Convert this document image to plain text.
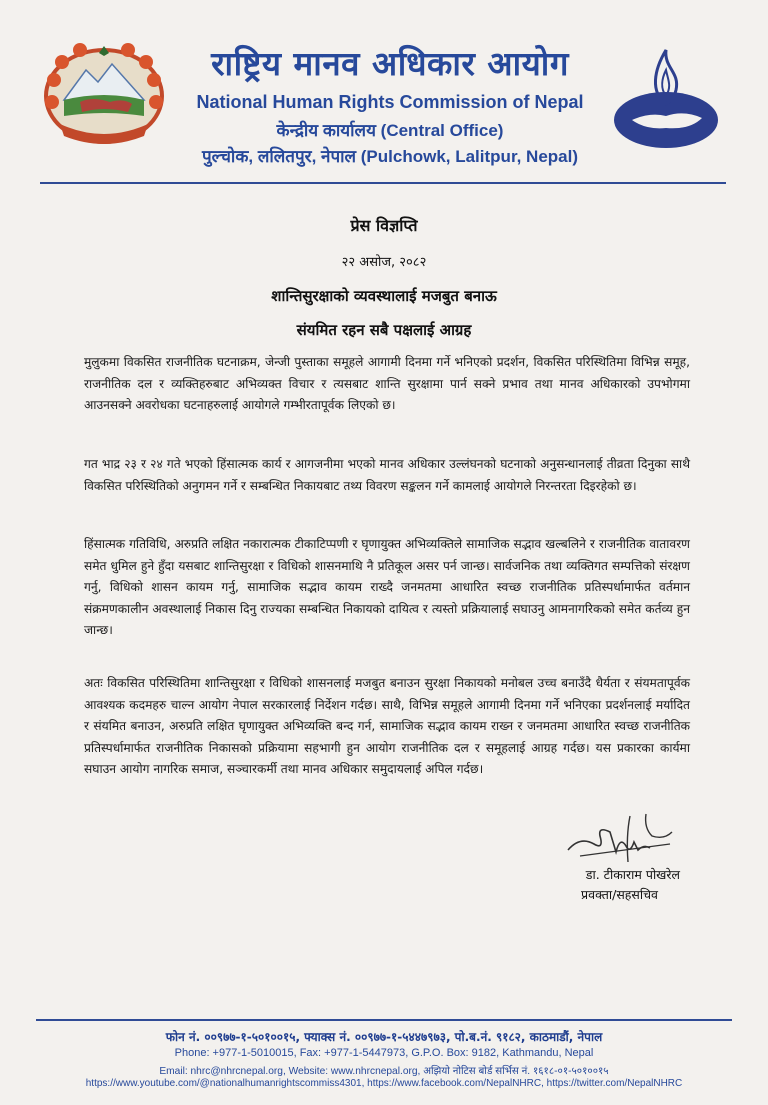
राष्ट्रिय मानव अधिकार आयोग
National Human Rights Commission of Nepal
केन्द्रीय कार्यालय (Central Office)
पुल्चोक, ललितपुर, नेपाल (Pulchowk, Lalitpur, Nepal)
प्रेस विज्ञप्ति
२२ असोज, २०८२
शान्तिसुरक्षाको व्यवस्थालाई मजबुत बनाऊ
संयमित रहन सबै पक्षलाई आग्रह
मुलुकमा विकसित राजनीतिक घटनाक्रम, जेन्जी पुस्ताका समूहले आगामी दिनमा गर्ने भनिएको प्रदर्शन, विकसित परिस्थितिमा विभिन्न समूह, राजनीतिक दल र व्यक्तिहरुबाट अभिव्यक्त विचार र त्यसबाट शान्ति सुरक्षामा पार्न सक्ने प्रभाव तथा मानव अधिकारको उपभोगमा आउनसक्ने अवरोधका घटनाहरुलाई आयोगले गम्भीरतापूर्वक लिएको छ।
गत भाद्र २३ र २४ गते भएको हिंसात्मक कार्य र आगजनीमा भएको मानव अधिकार उल्लंघनको घटनाको अनुसन्धानलाई तीव्रता दिनुका साथै विकसित परिस्थितिको अनुगमन गर्ने र सम्बन्धित निकायबाट तथ्य विवरण सङ्कलन गर्ने कामलाई आयोगले निरन्तरता दिइरहेको छ।
हिंसात्मक गतिविधि, अरुप्रति लक्षित नकारात्मक टीकाटिप्पणी र घृणायुक्त अभिव्यक्तिले सामाजिक सद्भाव खल्बलिने र राजनीतिक वातावरण समेत धुमिल हुने हुँदा यसबाट शान्तिसुरक्षा र विधिको शासनमाथि नै प्रतिकूल असर पर्न जान्छ। सार्वजनिक तथा व्यक्तिगत सम्पत्तिको संरक्षण गर्नु, विधिको शासन कायम गर्नु, सामाजिक सद्भाव कायम राख्दै जनमतमा आधारित स्वच्छ राजनीतिक प्रतिस्पर्धामार्फत वर्तमान संक्रमणकालीन अवस्थालाई निकास दिनु राज्यका सम्बन्धित निकायको दायित्व र त्यस्तो प्रक्रियालाई सघाउनु आमनागरिकको समेत कर्तव्य हुन जान्छ।
अतः विकसित परिस्थितिमा शान्तिसुरक्षा र विधिको शासनलाई मजबुत बनाउन सुरक्षा निकायको मनोबल उच्च बनाउँदै धैर्यता र संयमतापूर्वक आवश्यक कदमहरु चाल्न आयोग नेपाल सरकारलाई निर्देशन गर्दछ। साथै, विभिन्न समूहले आगामी दिनमा गर्ने भनिएका प्रदर्शनलाई मर्यादित र संयमित बनाउन, अरुप्रति लक्षित घृणायुक्त अभिव्यक्ति बन्द गर्न, सामाजिक सद्भाव कायम राख्न र जनमतमा आधारित स्वच्छ राजनीतिक प्रतिस्पर्धामार्फत राजनीतिक निकासको प्रक्रियामा सहभागी हुन आयोग राजनीतिक दल र समूहलाई आग्रह गर्दछ। यस प्रकारका कार्यमा सघाउन आयोग नागरिक समाज, सञ्चारकर्मी तथा मानव अधिकार समुदायलाई अपिल गर्दछ।
डा. टीकाराम पोखरेल
प्रवक्ता/सहसचिव
फोन नं. ००९७७-१-५०१००१५, फ्याक्स नं. ००९७७-१-५४४७९७३, पो.ब.नं. ९१८२, काठमाडौं, नेपाल
Phone: +977-1-5010015, Fax: +977-1-5447973, G.P.O. Box: 9182, Kathmandu, Nepal
Email: nhrc@nhrcnepal.org, Website: www.nhrcnepal.org, अझियो नोटिस बोर्ड सर्भिस नं. १६१८-०१-५०१००१५
https://www.youtube.com/@nationalhumanrightscommiss4301, https://www.facebook.com/NepalNHRC, https://twitter.com/NepalNHRC
